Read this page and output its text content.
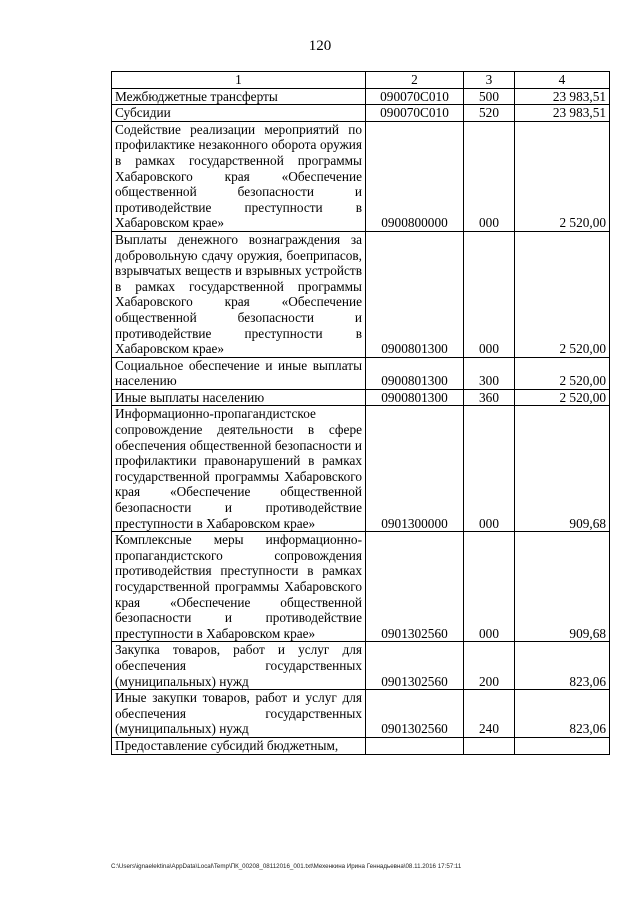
120
1	2	3	4
Межбюджетные трансферты	090070С010	500	23 983,51
Субсидии	090070С010	520	23 983,51
Содействие реализации мероприятий по профилактике незаконного оборота оружия в рамках государственной программы Хабаровского края «Обеспечение общественной безопасности и противодействие преступности в Хабаровском крае»	0900800000	000	2 520,00
Выплаты денежного вознаграждения за добровольную сдачу оружия, боеприпасов, взрывчатых веществ и взрывных устройств в рамках государственной программы Хабаровского края «Обеспечение общественной безопасности и противодействие преступности в Хабаровском крае»	0900801300	000	2 520,00
Социальное обеспечение и иные выплаты населению	0900801300	300	2 520,00
Иные выплаты населению	0900801300	360	2 520,00
Информационно-пропагандистское сопровождение деятельности в сфере обеспечения общественной безопасности и профилактики правонарушений в рамках государственной программы Хабаровского края «Обеспечение общественной безопасности и противодействие преступности в Хабаровском крае»	0901300000	000	909,68
Комплексные меры информационно-пропагандистского сопровождения противодействия преступности в рамках государственной программы Хабаровского края «Обеспечение общественной безопасности и противодействие преступности в Хабаровском крае»	0901302560	000	909,68
Закупка товаров, работ и услуг для обеспечения государственных (муниципальных) нужд	0901302560	200	823,06
Иные закупки товаров, работ и услуг для обеспечения государственных (муниципальных) нужд	0901302560	240	823,06
Предоставление субсидий бюджетным,			
C:\Users\ignaelektina\AppData\Local\Temp\ПК_00208_08112016_001.txt\Мехенкина Ирина Геннадьевна\08.11.2016 17:57:11
